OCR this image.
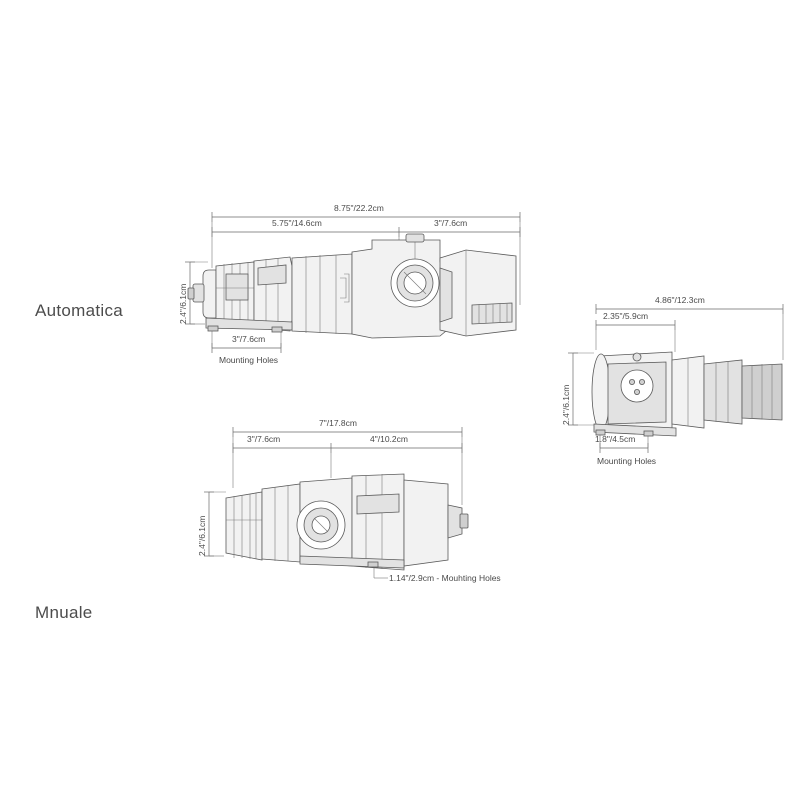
Automatica
Mnuale
8.75"/22.2cm
5.75"/14.6cm	3"/7.6cm
2.4"/6.1cm
3"/7.6cm
Mounting Holes
7"/17.8cm
3"/7.6cm	4"/10.2cm
2.4"/6.1cm
1.14"/2.9cm - Mouhting Holes
4.86"/12.3cm
2.35"/5.9cm
2.4"/6.1cm
1.8"/4.5cm
Mounting Holes
